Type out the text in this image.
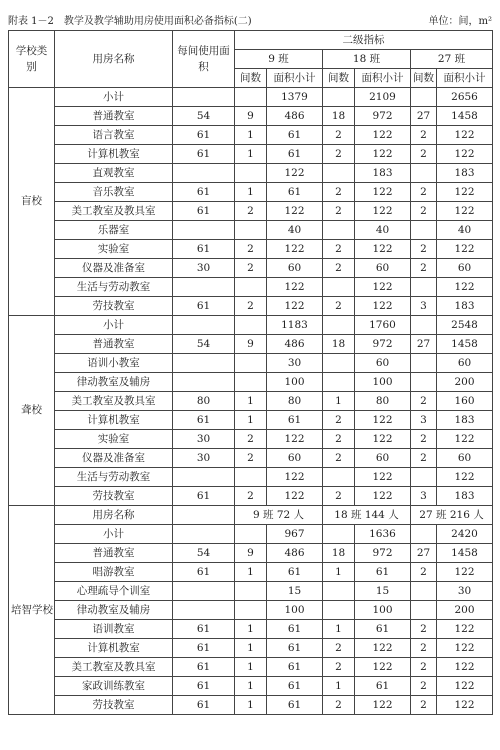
附表 1－2　教学及教学辅助用房使用面积必备指标(二)	单位：间，m²
学校类别	用房名称	每间使用面积	二级指标					
			9 班		18 班		27 班	
			间数	面积小计	间数	面积小计	间数	面积小计
盲校	小计			1379		2109		2656
	普通教室	54	9	486	18	972	27	1458
	语言教室	61	1	61	2	122	2	122
	计算机教室	61	1	61	2	122	2	122
	直观教室			122		183		183
	音乐教室	61	1	61	2	122	2	122
	美工教室及教具室	61	2	122	2	122	2	122
	乐器室			40		40		40
	实验室	61	2	122	2	122	2	122
	仪器及准备室	30	2	60	2	60	2	60
	生活与劳动教室			122		122		122
	劳技教室	61	2	122	2	122	3	183
聋校	小计			1183		1760		2548
	普通教室	54	9	486	18	972	27	1458
	语训小教室			30		60		60
	律动教室及辅房			100		100		200
	美工教室及教具室	80	1	80	1	80	2	160
	计算机教室	61	1	61	2	122	3	183
	实验室	30	2	122	2	122	2	122
	仪器及准备室	30	2	60	2	60	2	60
	生活与劳动教室			122		122		122
	劳技教室	61	2	122	2	122	3	183
培智学校	用房名称		9 班 72 人		18 班 144 人		27 班 216 人	
	小计			967		1636		2420
	普通教室	54	9	486	18	972	27	1458
	唱游教室	61	1	61	1	61	2	122
	心理疏导个训室			15		15		30
	律动教室及辅房			100		100		200
	语训教室	61	1	61	1	61	2	122
	计算机教室	61	1	61	2	122	2	122
	美工教室及教具室	61	1	61	2	122	2	122
	家政训练教室	61	1	61	1	61	2	122
	劳技教室	61	1	61	2	122	2	122
